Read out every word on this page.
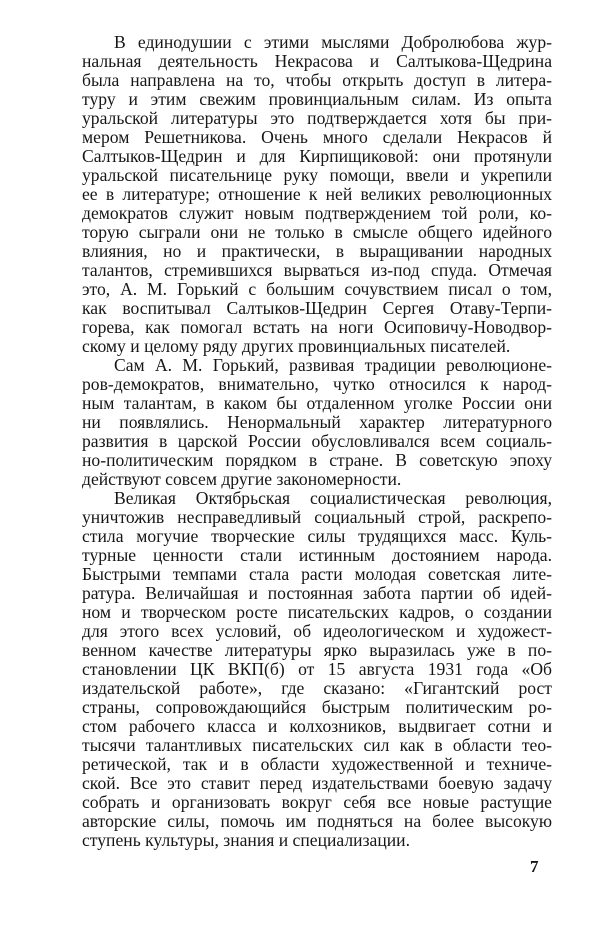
В единодушии с этими мыслями Добролюбова жур-
нальная деятельность Некрасова и Салтыкова-Щедрина
была направлена на то, чтобы открыть доступ в литера-
туру и этим свежим провинциальным силам. Из опыта
уральской литературы это подтверждается хотя бы при-
мером Решетникова. Очень много сделали Некрасов й
Салтыков-Щедрин и для Кирпищиковой: они протянули
уральской писательнице руку помощи, ввели и укрепили
ее в литературе; отношение к ней великих революционных
демократов служит новым подтверждением той роли, ко-
торую сыграли они не только в смысле общего идейного
влияния, но и практически, в выращивании народных
талантов, стремившихся вырваться из-под спуда. Отмечая
это, А. М. Горький с большим сочувствием писал о том,
как воспитывал Салтыков-Щедрин Сергея Отаву-Терпи-
горева, как помогал встать на ноги Осиповичу-Новодвор-
скому и целому ряду других провинциальных писателей.
Сам А. М. Горький, развивая традиции революционе-
ров-демократов, внимательно, чутко относился к народ-
ным талантам, в каком бы отдаленном уголке России они
ни появлялись. Ненормальный характер литературного
развития в царской России обусловливался всем социаль-
но-политическим порядком в стране. В советскую эпоху
действуют совсем другие закономерности.
Великая Октябрьская социалистическая революция,
уничтожив несправедливый социальный строй, раскрепо-
стила могучие творческие силы трудящихся масс. Куль-
турные ценности стали истинным достоянием народа.
Быстрыми темпами стала расти молодая советская лите-
ратура. Величайшая и постоянная забота партии об идей-
ном и творческом росте писательских кадров, о создании
для этого всех условий, об идеологическом и художест-
венном качестве литературы ярко выразилась уже в по-
становлении ЦК ВКП(б) от 15 августа 1931 года «Об
издательской работе», где сказано: «Гигантский рост
страны, сопровождающийся быстрым политическим ро-
стом рабочего класса и колхозников, выдвигает сотни и
тысячи талантливых писательских сил как в области тео-
ретической, так и в области художественной и техниче-
ской. Все это ставит перед издательствами боевую задачу
собрать и организовать вокруг себя все новые растущие
авторские силы, помочь им подняться на более высокую
ступень культуры, знания и специализации.
7
